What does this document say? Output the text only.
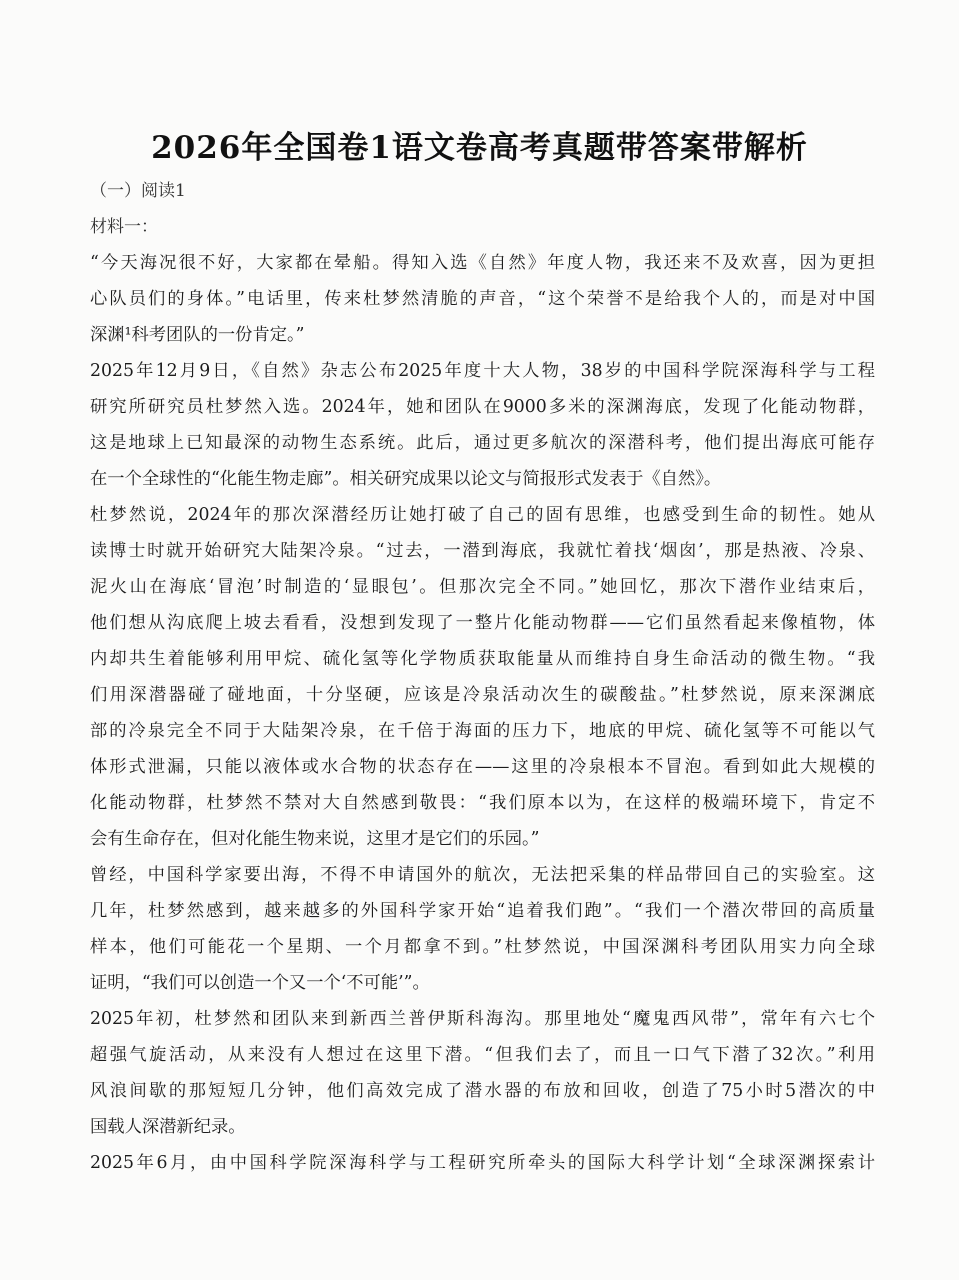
2026年全国卷1语文卷高考真题带答案带解析
（一）阅读1
材料一：
“今天海况很不好，大家都在晕船。得知入选《自然》年度人物，我还来不及欢喜，因为更担
心队员们的身体。”电话里，传来杜梦然清脆的声音，“这个荣誉不是给我个人的，而是对中国
深渊¹科考团队的一份肯定。”
2025年12月9日，《自然》杂志公布2025年度十大人物，38岁的中国科学院深海科学与工程
研究所研究员杜梦然入选。2024年，她和团队在9000多米的深渊海底，发现了化能动物群，
这是地球上已知最深的动物生态系统。此后，通过更多航次的深潜科考，他们提出海底可能存
在一个全球性的“化能生物走廊”。相关研究成果以论文与简报形式发表于《自然》。
杜梦然说，2024年的那次深潜经历让她打破了自己的固有思维，也感受到生命的韧性。她从
读博士时就开始研究大陆架冷泉。“过去，一潜到海底，我就忙着找‘烟囱’，那是热液、冷泉、
泥火山在海底‘冒泡’时制造的‘显眼包’。但那次完全不同。”她回忆，那次下潜作业结束后，
他们想从沟底爬上坡去看看，没想到发现了一整片化能动物群——它们虽然看起来像植物，体
内却共生着能够利用甲烷、硫化氢等化学物质获取能量从而维持自身生命活动的微生物。“我
们用深潜器碰了碰地面，十分坚硬，应该是冷泉活动次生的碳酸盐。”杜梦然说，原来深渊底
部的冷泉完全不同于大陆架冷泉，在千倍于海面的压力下，地底的甲烷、硫化氢等不可能以气
体形式泄漏，只能以液体或水合物的状态存在——这里的冷泉根本不冒泡。看到如此大规模的
化能动物群，杜梦然不禁对大自然感到敬畏：“我们原本以为，在这样的极端环境下，肯定不
会有生命存在，但对化能生物来说，这里才是它们的乐园。”
曾经，中国科学家要出海，不得不申请国外的航次，无法把采集的样品带回自己的实验室。这
几年，杜梦然感到，越来越多的外国科学家开始“追着我们跑”。“我们一个潜次带回的高质量
样本，他们可能花一个星期、一个月都拿不到。”杜梦然说，中国深渊科考团队用实力向全球
证明，“我们可以创造一个又一个‘不可能’”。
2025年初，杜梦然和团队来到新西兰普伊斯科海沟。那里地处“魔鬼西风带”，常年有六七个
超强气旋活动，从来没有人想过在这里下潜。“但我们去了，而且一口气下潜了32次。”利用
风浪间歇的那短短几分钟，他们高效完成了潜水器的布放和回收，创造了75小时5潜次的中
国载人深潜新纪录。
2025年6月，由中国科学院深海科学与工程研究所牵头的国际大科学计划“全球深渊探索计
